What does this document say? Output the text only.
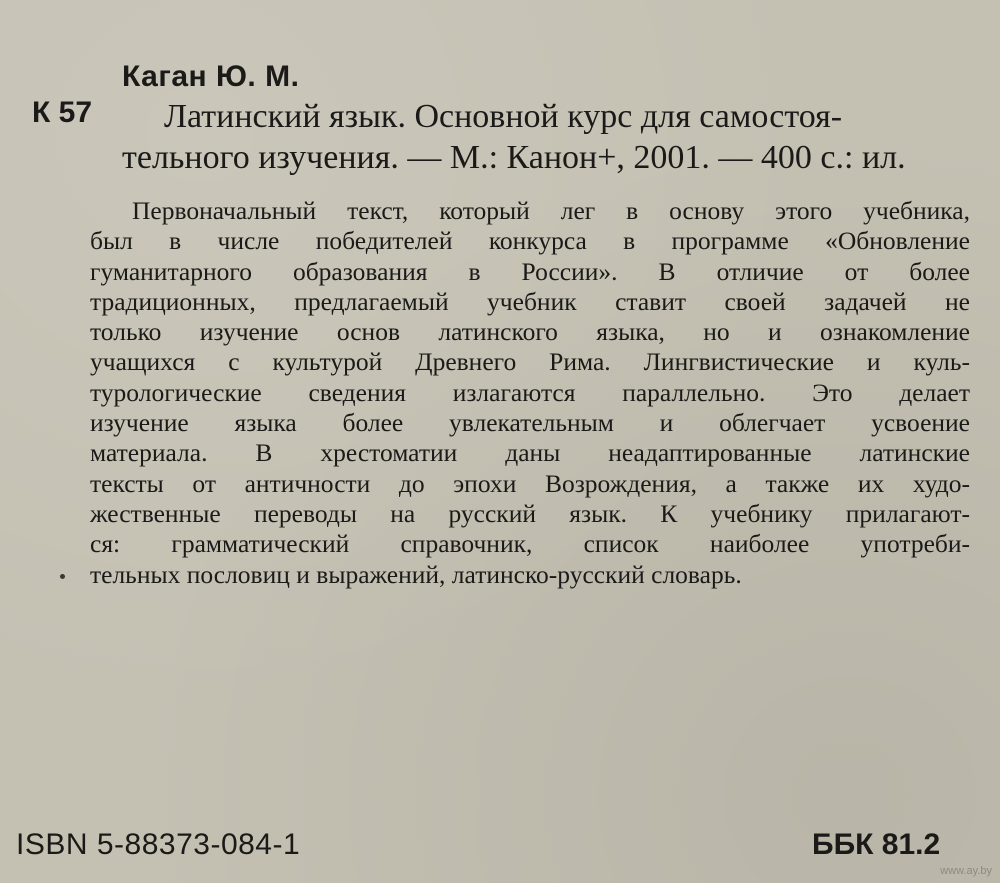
Каган Ю. М.
К 57 Латинский язык. Основной курс для самостоя-
тельного изучения. — М.: Канон+, 2001. — 400 с.: ил.
Первоначальный текст, который лег в основу этого учебника,
был в числе победителей конкурса в программе «Обновление
гуманитарного образования в России». В отличие от более
традиционных, предлагаемый учебник ставит своей задачей не
только изучение основ латинского языка, но и ознакомление
учащихся с культурой Древнего Рима. Лингвистические и куль-
турологические сведения излагаются параллельно. Это делает
изучение языка более увлекательным и облегчает усвоение
материала. В хрестоматии даны неадаптированные латинские
тексты от античности до эпохи Возрождения, а также их худо-
жественные переводы на русский язык. К учебнику прилагают-
ся: грамматический справочник, список наиболее употреби-
тельных пословиц и выражений, латинско-русский словарь.
ISBN 5-88373-084-1	ББК 81.2
www.ay.by
